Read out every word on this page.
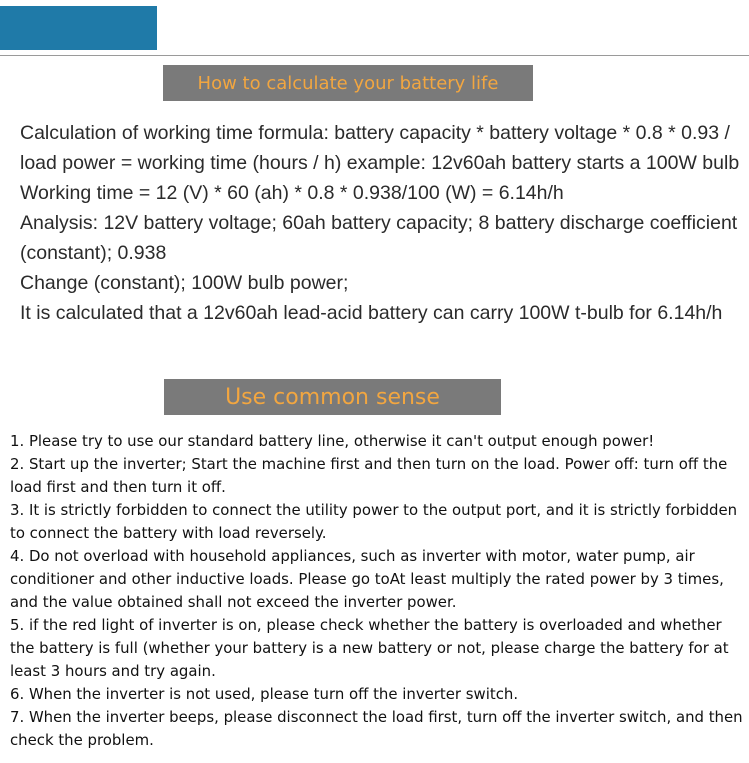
How to calculate your battery life

Calculation of working time formula: battery capacity * battery voltage * 0.8 * 0.93 / load power = working time (hours / h) example: 12v60ah battery starts a 100W bulb

Working time = 12 (V) * 60 (ah) * 0.8 * 0.938/100 (W) = 6.14h/h

Analysis: 12V battery voltage; 60ah battery capacity; 8 battery discharge coefficient (constant); 0.938

Change (constant); 100W bulb power;

It is calculated that a 12v60ah lead-acid battery can carry 100W t-bulb for 6.14h/h

Use common sense

1. Please try to use our standard battery line, otherwise it can't output enough power!

2. Start up the inverter; Start the machine first and then turn on the load. Power off: turn off the load first and then turn it off.

3. It is strictly forbidden to connect the utility power to the output port, and it is strictly forbidden to connect the battery with load reversely.

4. Do not overload with household appliances, such as inverter with motor, water pump, air conditioner and other inductive loads. Please go toAt least multiply the rated power by 3 times, and the value obtained shall not exceed the inverter power.

5. if the red light of inverter is on, please check whether the battery is overloaded and whether the battery is full (whether your battery is a new battery or not, please charge the battery for at least 3 hours and try again.

6. When the inverter is not used, please turn off the inverter switch.

7. When the inverter beeps, please disconnect the load first, turn off the inverter switch, and then check the problem.
